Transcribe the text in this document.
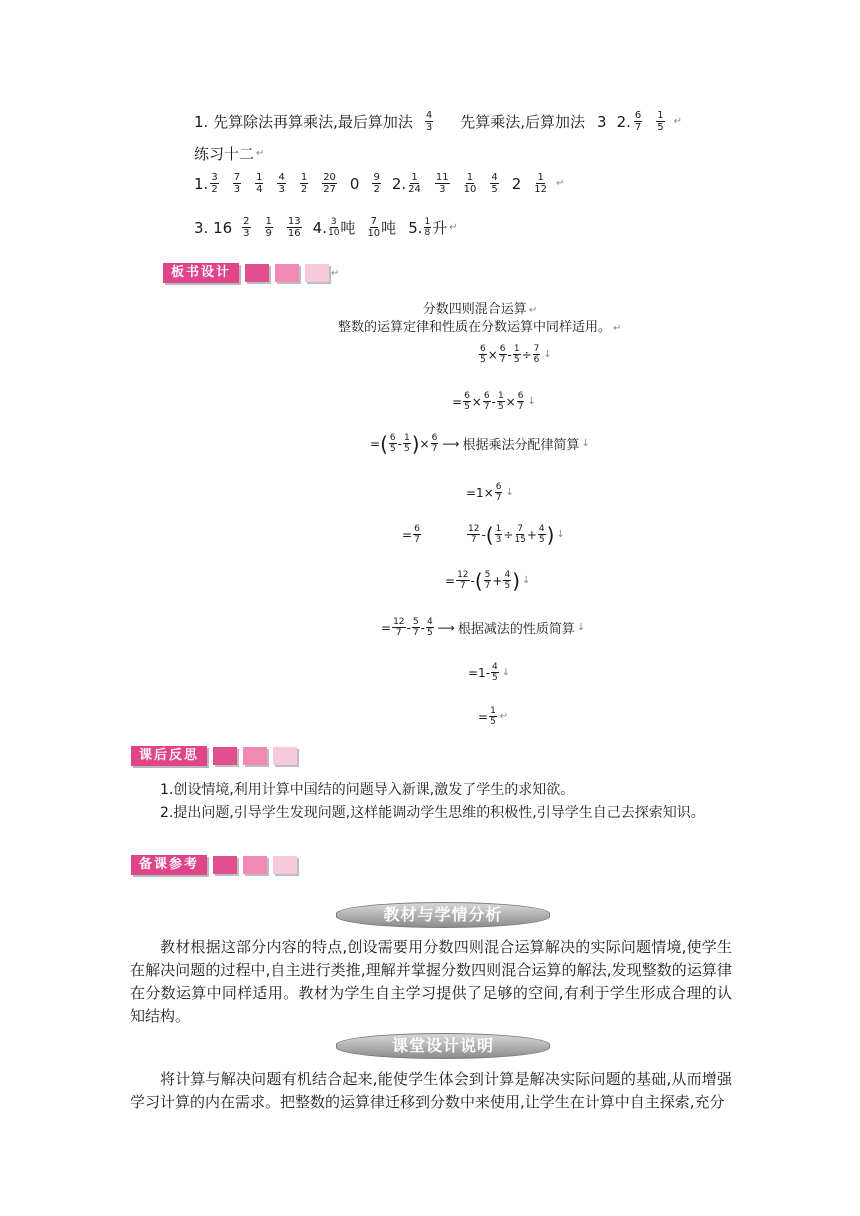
1. 先算除法再算乘法,最后算加法 $\frac{4}{3}$ 先算乘法,后算加法 3 2. $\frac{6}{7} \frac{1}{5}$ ↵
练习十二 ↵
1. $\frac{3}{2} \frac{7}{3} \frac{1}{4} \frac{4}{3} \frac{1}{2} \frac{20}{27} 0 \frac{9}{2} 2$. $\frac{1}{24} \frac{11}{3} \frac{1}{10} \frac{4}{5} 2 \frac{1}{12}$ ↵
3. $16 \frac{2}{3} \frac{1}{9} \frac{13}{16} 4$. $\frac{3}{10}$ 吨 $\frac{7}{10}$ 吨 5. $\frac{1}{8}$ 升 ↵
板书设计	↵
分数四则混合运算 ↵
整数的运算定律和性质在分数运算中同样适用。 ↵
$\frac{6}{5} \times \frac{6}{7} - \frac{1}{5} \div \frac{7}{6}$ ↓
= $\frac{6}{5} \times \frac{6}{7} - \frac{1}{5} \times \frac{6}{7}$ ↓
= ( $\frac{6}{5} - \frac{1}{5}$ ) × $\frac{6}{7}$ ⟶ 根据乘法分配律简算 ↓
$=1\times \frac{6}{7}$ ↓
= $\frac{6}{7}$	$\frac{12}{7}$ - ( $\frac{1}{3} \div \frac{7}{15} + \frac{4}{5}$ ) ↓
= $\frac{12}{7}$ - ( $\frac{5}{7} + \frac{4}{5}$ ) ↓
= $\frac{12}{7} - \frac{5}{7} - \frac{4}{5}$ ⟶ 根据减法的性质简算 ↓
$=1- \frac{4}{5}$ ↓
= $\frac{1}{5}$ ↵
课后反思
1.创设情境,利用计算中国结的问题导入新课,激发了学生的求知欲。
2.提出问题,引导学生发现问题,这样能调动学生思维的积极性,引导学生自己去探索知识。
备课参考
教材与学情分析
教材根据这部分内容的特点,创设需要用分数四则混合运算解决的实际问题情境,使学生在解决问题的过程中,自主进行类推,理解并掌握分数四则混合运算的解法,发现整数的运算律在分数运算中同样适用。教材为学生自主学习提供了足够的空间,有利于学生形成合理的认知结构。
课堂设计说明
将计算与解决问题有机结合起来,能使学生体会到计算是解决实际问题的基础,从而增强学习计算的内在需求。把整数的运算律迁移到分数中来使用,让学生在计算中自主探索,充分
